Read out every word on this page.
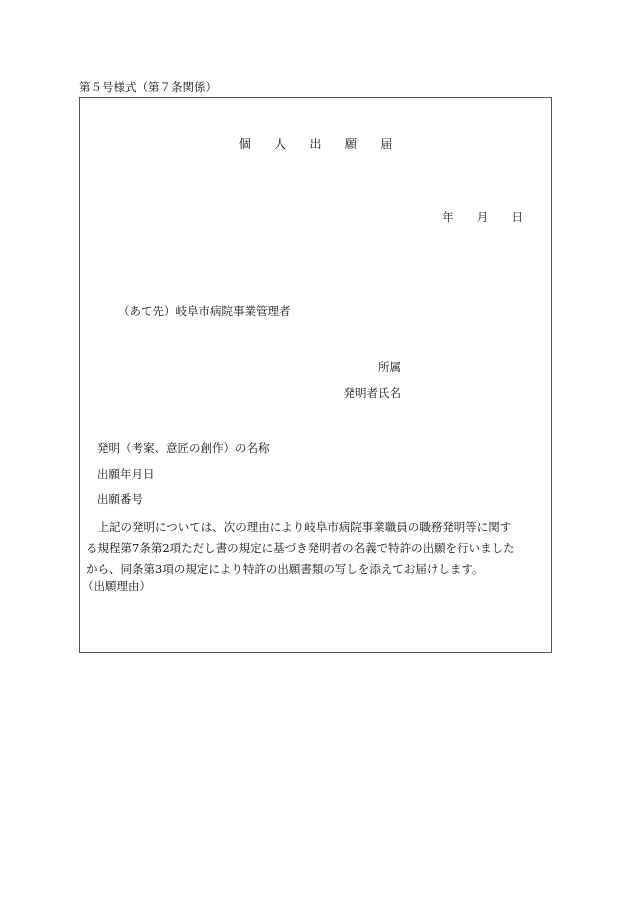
第５号様式（第７条関係）
個人出願届
年 月 日
（あて先）岐阜市病院事業管理者
所属
発明者氏名
発明（考案、意匠の創作）の名称
出願年月日
出願番号
上記の発明については、次の理由により岐阜市病院事業職員の職務発明等に関す
る規程第7条第2項ただし書の規定に基づき発明者の名義で特許の出願を行いました
から、同条第3項の規定により特許の出願書類の写しを添えてお届けします。
（出願理由）
